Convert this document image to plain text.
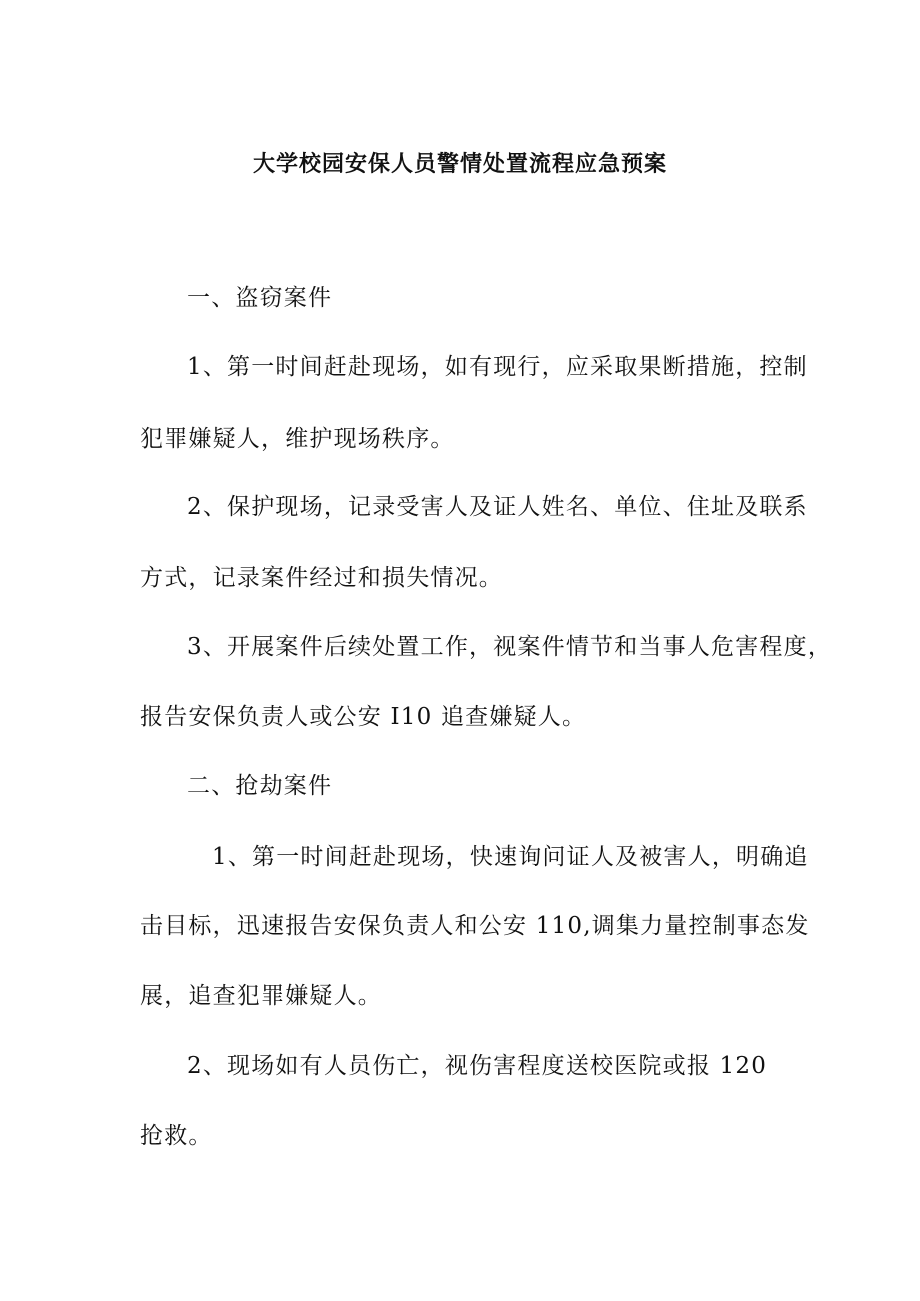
大学校园安保人员警情处置流程应急预案
一、盗窃案件
1、第一时间赶赴现场，如有现行，应采取果断措施，控制
犯罪嫌疑人，维护现场秩序。
2、保护现场，记录受害人及证人姓名、单位、住址及联系
方式，记录案件经过和损失情况。
3、开展案件后续处置工作，视案件情节和当事人危害程度，
报告安保负责人或公安 I10 追查嫌疑人。
二、抢劫案件
1、第一时间赶赴现场，快速询问证人及被害人，明确追
击目标，迅速报告安保负责人和公安 110,调集力量控制事态发
展，追查犯罪嫌疑人。
2、现场如有人员伤亡，视伤害程度送校医院或报 120
抢救。
